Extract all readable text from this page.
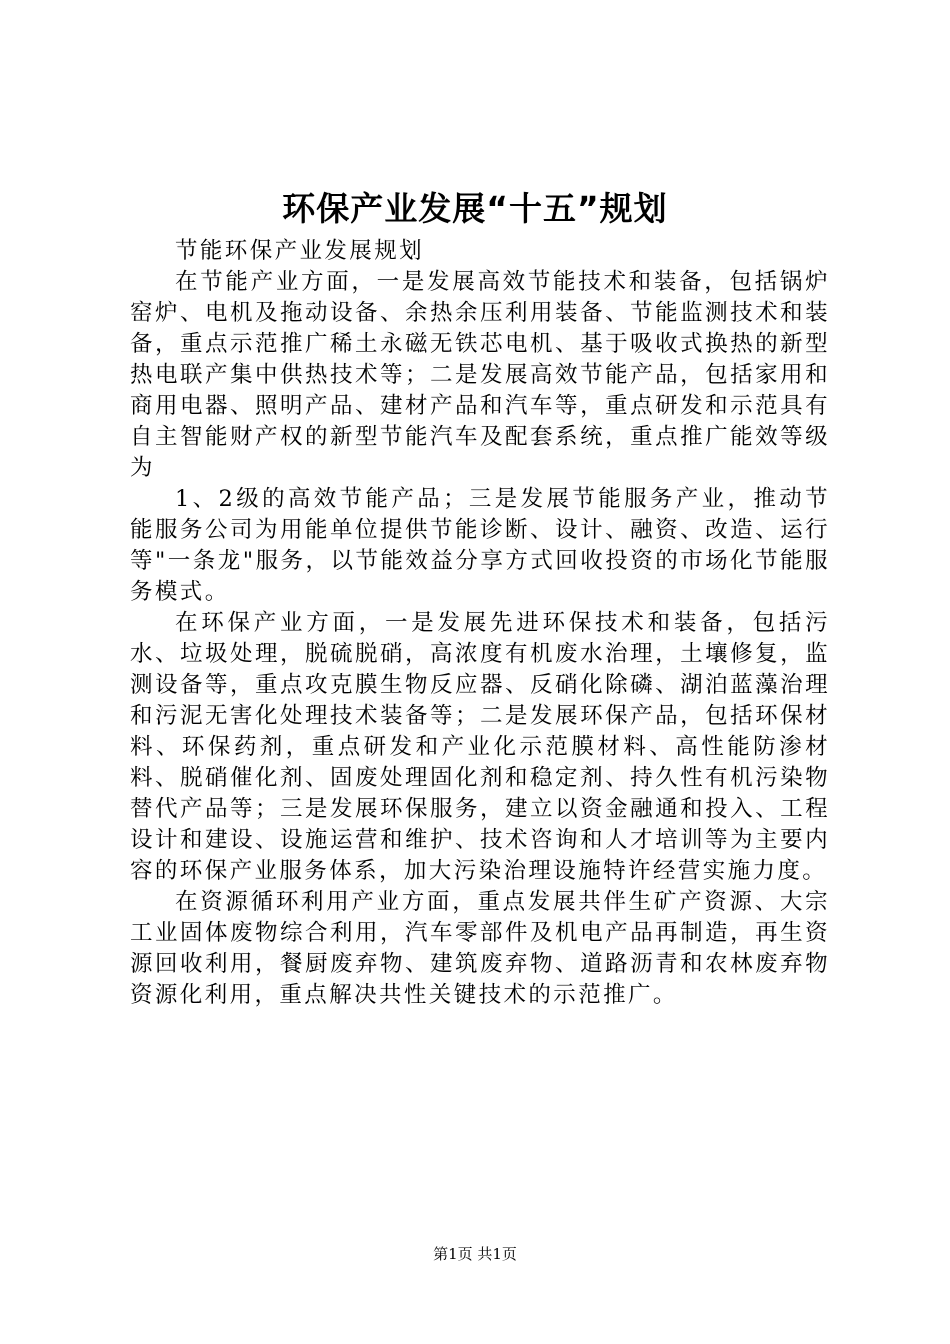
环保产业发展“十五”规划

节能环保产业发展规划

在节能产业方面，一是发展高效节能技术和装备，包括锅炉窑炉、电机及拖动设备、余热余压利用装备、节能监测技术和装备，重点示范推广稀土永磁无铁芯电机、基于吸收式换热的新型热电联产集中供热技术等；二是发展高效节能产品，包括家用和商用电器、照明产品、建材产品和汽车等，重点研发和示范具有自主智能财产权的新型节能汽车及配套系统，重点推广能效等级为

1、2级的高效节能产品；三是发展节能服务产业，推动节能服务公司为用能单位提供节能诊断、设计、融资、改造、运行等"一条龙"服务，以节能效益分享方式回收投资的市场化节能服务模式。

在环保产业方面，一是发展先进环保技术和装备，包括污水、垃圾处理，脱硫脱硝，高浓度有机废水治理，土壤修复，监测设备等，重点攻克膜生物反应器、反硝化除磷、湖泊蓝藻治理和污泥无害化处理技术装备等；二是发展环保产品，包括环保材料、环保药剂，重点研发和产业化示范膜材料、高性能防渗材料、脱硝催化剂、固废处理固化剂和稳定剂、持久性有机污染物替代产品等；三是发展环保服务，建立以资金融通和投入、工程设计和建设、设施运营和维护、技术咨询和人才培训等为主要内容的环保产业服务体系，加大污染治理设施特许经营实施力度。

在资源循环利用产业方面，重点发展共伴生矿产资源、大宗工业固体废物综合利用，汽车零部件及机电产品再制造，再生资源回收利用，餐厨废弃物、建筑废弃物、道路沥青和农林废弃物资源化利用，重点解决共性关键技术的示范推广。

第1页 共1页
